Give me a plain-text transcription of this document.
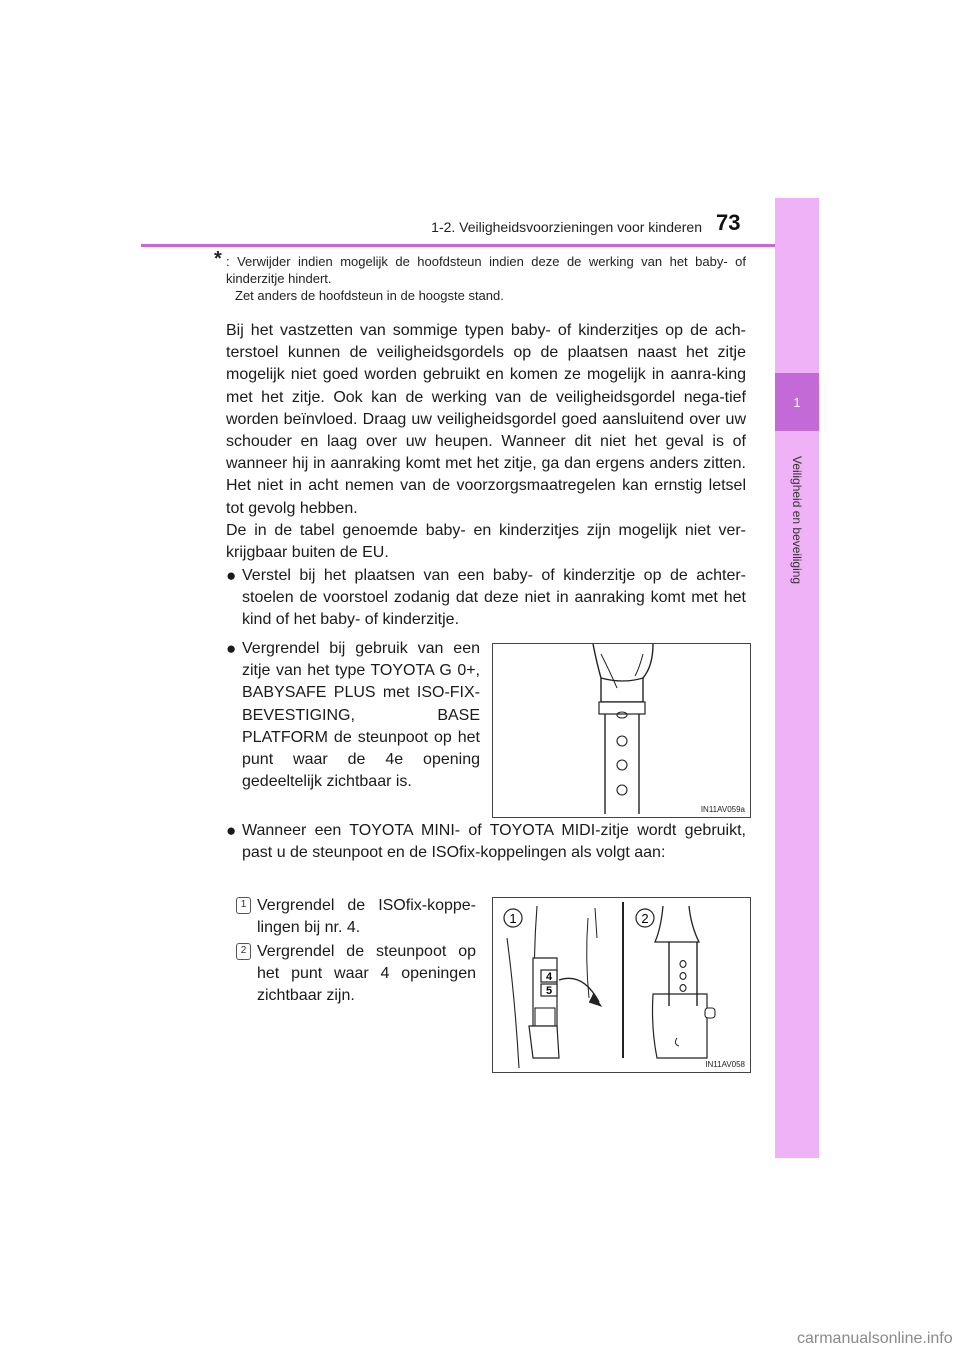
1-2. Veiligheidsvoorzieningen voor kinderen 73
1
Veiligheid en beveiliging
* : Verwijder indien mogelijk de hoofdsteun indien deze de werking van het baby- of kinderzitje hindert.

Zet anders de hoofdsteun in de hoogste stand.

Bij het vastzetten van sommige typen baby- of kinderzitjes op de ach-terstoel kunnen de veiligheidsgordels op de plaatsen naast het zitje mogelijk niet goed worden gebruikt en komen ze mogelijk in aanra-king met het zitje. Ook kan de werking van de veiligheidsgordel nega-tief worden beïnvloed. Draag uw veiligheidsgordel goed aansluitend over uw schouder en laag over uw heupen. Wanneer dit niet het geval is of wanneer hij in aanraking komt met het zitje, ga dan ergens anders zitten. Het niet in acht nemen van de voorzorgsmaatregelen kan ernstig letsel tot gevolg hebben.

De in de tabel genoemde baby- en kinderzitjes zijn mogelijk niet ver-krijgbaar buiten de EU.

● Verstel bij het plaatsen van een baby- of kinderzitje op de achter-stoelen de voorstoel zodanig dat deze niet in aanraking komt met het kind of het baby- of kinderzitje.
● Vergrendel bij gebruik van een zitje van het type TOYOTA G 0+, BABYSAFE PLUS met ISO-FIX-BEVESTIGING, BASE PLATFORM de steunpoot op het punt waar de 4e opening gedeeltelijk zichtbaar is.
IN11AV059a
● Wanneer een TOYOTA MINI- of TOYOTA MIDI-zitje wordt gebruikt, past u de steunpoot en de ISOfix-koppelingen als volgt aan:
1 Vergrendel de ISOfix-koppe-lingen bij nr. 4.
2 Vergrendel de steunpoot op het punt waar 4 openingen zichtbaar zijn.
1	2
4
5
IN11AV058
carmanualsonline.info
